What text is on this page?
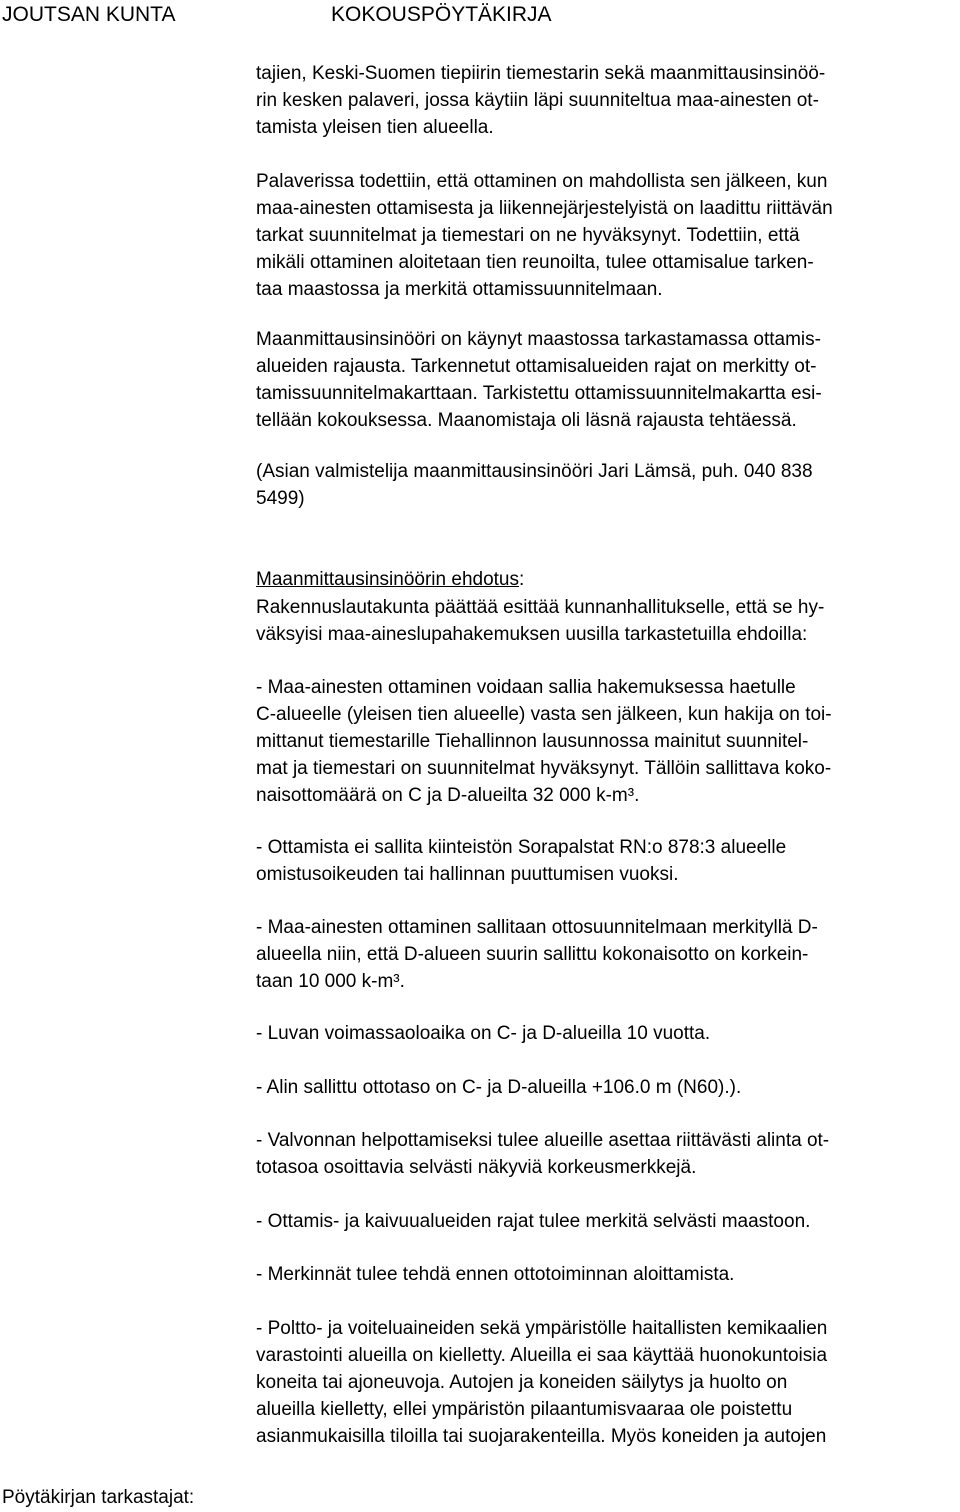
JOUTSAN KUNTA	KOKOUSPÖYTÄKIRJA
tajien, Keski-Suomen tiepiirin tiemestarin sekä maanmittausinsinöö-
rin kesken palaveri, jossa käytiin läpi suunniteltua maa-ainesten ot-
tamista yleisen tien alueella.
Palaverissa todettiin, että ottaminen on mahdollista sen jälkeen, kun
maa-ainesten ottamisesta ja liikennejärjestelyistä on laadittu riittävän
tarkat suunnitelmat ja tiemestari on ne hyväksynyt. Todettiin, että
mikäli ottaminen aloitetaan tien reunoilta, tulee ottamisalue tarken-
taa maastossa ja merkitä ottamissuunnitelmaan.
Maanmittausinsinööri on käynyt maastossa tarkastamassa ottamis-
alueiden rajausta. Tarkennetut ottamisalueiden rajat on merkitty ot-
tamissuunnitelmakarttaan. Tarkistettu ottamissuunnitelmakartta esi-
tellään kokouksessa. Maanomistaja oli läsnä rajausta tehtäessä.
(Asian valmistelija maanmittausinsinööri Jari Lämsä, puh. 040 838
5499)
Maanmittausinsinöörin ehdotus:
Rakennuslautakunta päättää esittää kunnanhallitukselle, että se hy-
väksyisi maa-aineslupahakemuksen uusilla tarkastetuilla ehdoilla:
- Maa-ainesten ottaminen voidaan sallia hakemuksessa haetulle
C-alueelle (yleisen tien alueelle) vasta sen jälkeen, kun hakija on toi-
mittanut tiemestarille Tiehallinnon lausunnossa mainitut suunnitel-
mat ja tiemestari on suunnitelmat hyväksynyt. Tällöin sallittava koko-
naisottomäärä on C ja D-alueilta 32 000 k-m³.
- Ottamista ei sallita kiinteistön Sorapalstat RN:o 878:3 alueelle
omistusoikeuden tai hallinnan puuttumisen vuoksi.
- Maa-ainesten ottaminen sallitaan ottosuunnitelmaan merkityllä D-
alueella niin, että D-alueen suurin sallittu kokonaisotto on korkein-
taan 10 000 k-m³.
- Luvan voimassaoloaika on C- ja D-alueilla 10 vuotta.
- Alin sallittu ottotaso on C- ja D-alueilla +106.0 m (N60).).
- Valvonnan helpottamiseksi tulee alueille asettaa riittävästi alinta ot-
totasoa osoittavia selvästi näkyviä korkeusmerkkejä.
- Ottamis- ja kaivuualueiden rajat tulee merkitä selvästi maastoon.
- Merkinnät tulee tehdä ennen ottotoiminnan aloittamista.
- Poltto- ja voiteluaineiden sekä ympäristölle haitallisten kemikaalien
varastointi alueilla on kielletty. Alueilla ei saa käyttää huonokuntoisia
koneita tai ajoneuvoja. Autojen ja koneiden säilytys ja huolto on
alueilla kielletty, ellei ympäristön pilaantumisvaaraa ole poistettu
asianmukaisilla tiloilla tai suojarakenteilla. Myös koneiden ja autojen
Pöytäkirjan tarkastajat:
